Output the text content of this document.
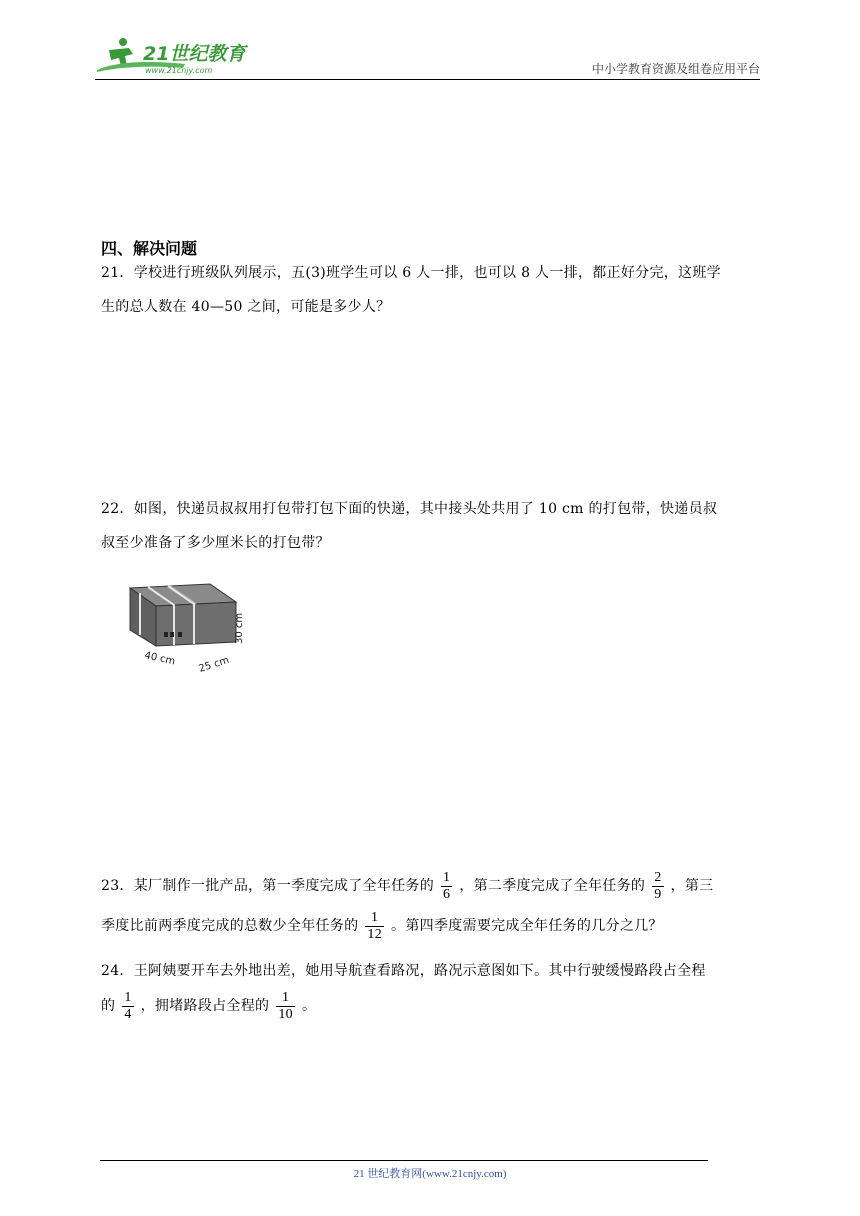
21世纪教育
www.21cnjy.com	中小学教育资源及组卷应用平台
四、解决问题
21．学校进行班级队列展示，五(3)班学生可以 6 人一排，也可以 8 人一排，都正好分完，这班学
生的总人数在 40—50 之间，可能是多少人？
22．如图，快递员叔叔用打包带打包下面的快递，其中接头处共用了 10 cm 的打包带，快递员叔
叔至少准备了多少厘米长的打包带？
40 cm 25 cm
30 cm
23．某厂制作一批产品，第一季度完成了全年任务的 $\frac{1}{6}$ ，第二季度完成了全年任务的 $\frac{2}{9}$ ，第三
季度比前两季度完成的总数少全年任务的 $\frac{1}{12}$ 。第四季度需要完成全年任务的几分之几？
24．王阿姨要开车去外地出差，她用导航查看路况，路况示意图如下。其中行驶缓慢路段占全程
的 $\frac{1}{4}$ ，拥堵路段占全程的 $\frac{1}{10}$ 。
21 世纪教育网(www.21cnjy.com)
